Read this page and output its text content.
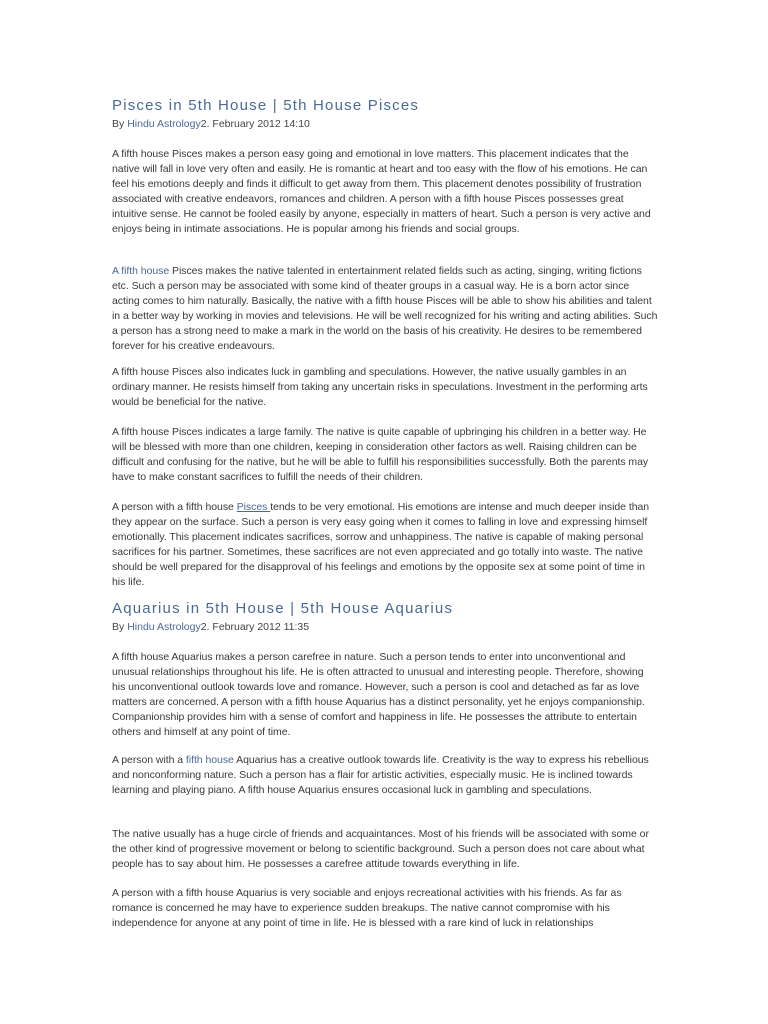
Pisces in 5th House | 5th House Pisces
By Hindu Astrology2. February 2012 14:10

A fifth house Pisces makes a person easy going and emotional in love matters. This placement indicates that the native will fall in love very often and easily. He is romantic at heart and too easy with the flow of his emotions. He can feel his emotions deeply and finds it difficult to get away from them. This placement denotes possibility of frustration associated with creative endeavors, romances and children. A person with a fifth house Pisces possesses great intuitive sense. He cannot be fooled easily by anyone, especially in matters of heart. Such a person is very active and enjoys being in intimate associations. He is popular among his friends and social groups.

A fifth house Pisces makes the native talented in entertainment related fields such as acting, singing, writing fictions etc. Such a person may be associated with some kind of theater groups in a casual way. He is a born actor since acting comes to him naturally. Basically, the native with a fifth house Pisces will be able to show his abilities and talent in a better way by working in movies and televisions. He will be well recognized for his writing and acting abilities. Such a person has a strong need to make a mark in the world on the basis of his creativity. He desires to be remembered forever for his creative endeavours.

A fifth house Pisces also indicates luck in gambling and speculations. However, the native usually gambles in an ordinary manner. He resists himself from taking any uncertain risks in speculations. Investment in the performing arts would be beneficial for the native.

A fifth house Pisces indicates a large family. The native is quite capable of upbringing his children in a better way. He will be blessed with more than one children, keeping in consideration other factors as well. Raising children can be difficult and confusing for the native, but he will be able to fulfill his responsibilities successfully. Both the parents may have to make constant sacrifices to fulfill the needs of their children.

A person with a fifth house Pisces tends to be very emotional. His emotions are intense and much deeper inside than they appear on the surface. Such a person is very easy going when it comes to falling in love and expressing himself emotionally. This placement indicates sacrifices, sorrow and unhappiness. The native is capable of making personal sacrifices for his partner. Sometimes, these sacrifices are not even appreciated and go totally into waste. The native should be well prepared for the disapproval of his feelings and emotions by the opposite sex at some point of time in his life.

Aquarius in 5th House | 5th House Aquarius
By Hindu Astrology2. February 2012 11:35

A fifth house Aquarius makes a person carefree in nature. Such a person tends to enter into unconventional and unusual relationships throughout his life. He is often attracted to unusual and interesting people. Therefore, showing his unconventional outlook towards love and romance. However, such a person is cool and detached as far as love matters are concerned. A person with a fifth house Aquarius has a distinct personality, yet he enjoys companionship. Companionship provides him with a sense of comfort and happiness in life. He possesses the attribute to entertain others and himself at any point of time.

A person with a fifth house Aquarius has a creative outlook towards life. Creativity is the way to express his rebellious and nonconforming nature. Such a person has a flair for artistic activities, especially music. He is inclined towards learning and playing piano. A fifth house Aquarius ensures occasional luck in gambling and speculations.

The native usually has a huge circle of friends and acquaintances. Most of his friends will be associated with some or the other kind of progressive movement or belong to scientific background. Such a person does not care about what people has to say about him. He possesses a carefree attitude towards everything in life.

A person with a fifth house Aquarius is very sociable and enjoys recreational activities with his friends. As far as romance is concerned he may have to experience sudden breakups. The native cannot compromise with his independence for anyone at any point of time in life. He is blessed with a rare kind of luck in relationships
